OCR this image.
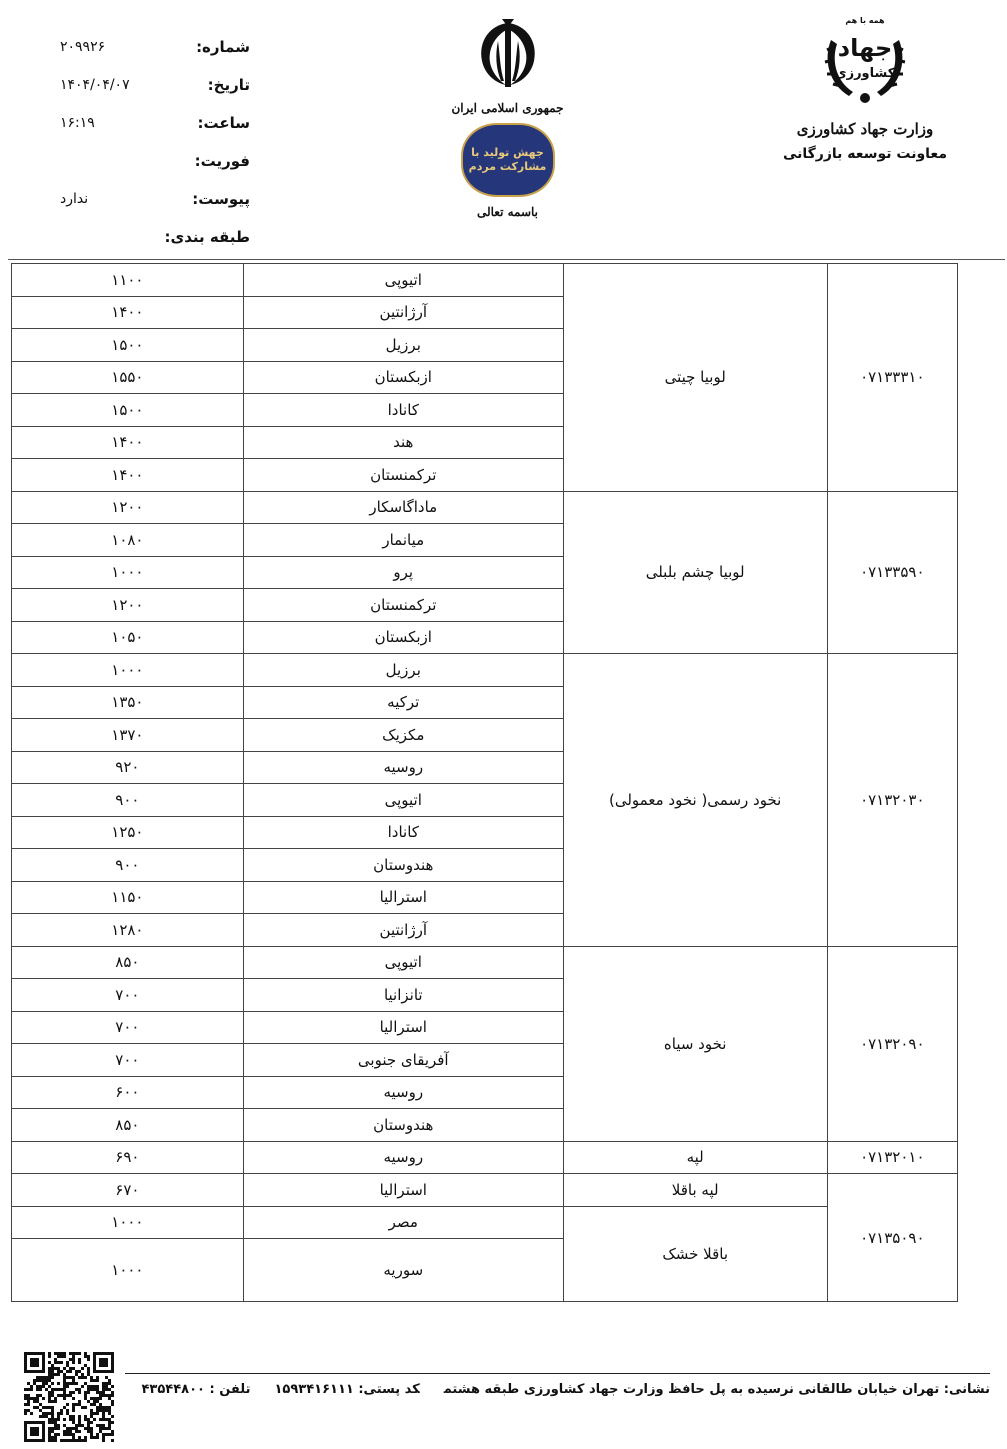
شماره:
۲۰۹۹۲۶
تاریخ:
۱۴۰۴/۰۴/۰۷
ساعت:
۱۶:۱۹
فوریت:
پیوست:
ندارد
طبقه بندی:
جمهوری اسلامی ایران
جهش تولید با مشارکت مردم
باسمه تعالی
همه با هم
جهاد
کشاورزی
وزارت جهاد کشاورزی
معاونت توسعه بازرگانی
۰۷۱۳۳۳۱۰	لوبیا چیتی	اتیوپی	۱۱۰۰
		آرژانتین	۱۴۰۰
		برزیل	۱۵۰۰
		ازبکستان	۱۵۵۰
		کانادا	۱۵۰۰
		هند	۱۴۰۰
		ترکمنستان	۱۴۰۰
۰۷۱۳۳۵۹۰	لوبیا چشم بلبلی	ماداگاسکار	۱۲۰۰
		میانمار	۱۰۸۰
		پرو	۱۰۰۰
		ترکمنستان	۱۲۰۰
		ازبکستان	۱۰۵۰
۰۷۱۳۲۰۳۰	نخود رسمی( نخود معمولی)	برزیل	۱۰۰۰
		ترکیه	۱۳۵۰
		مکزیک	۱۳۷۰
		روسیه	۹۲۰
		اتیوپی	۹۰۰
		کانادا	۱۲۵۰
		هندوستان	۹۰۰
		استرالیا	۱۱۵۰
		آرژانتین	۱۲۸۰
۰۷۱۳۲۰۹۰	نخود سیاه	اتیوپی	۸۵۰
		تانزانیا	۷۰۰
		استرالیا	۷۰۰
		آفریقای جنوبی	۷۰۰
		روسیه	۶۰۰
		هندوستان	۸۵۰
۰۷۱۳۲۰۱۰	لپه	روسیه	۶۹۰
۰۷۱۳۵۰۹۰	لپه باقلا	استرالیا	۶۷۰
	باقلا خشک	مصر	۱۰۰۰
		سوریه	۱۰۰۰
نشانی: تهران خیابان طالقانی نرسیده به پل حافظ وزارت جهاد کشاورزی طبقه هشتمکد پستی: ۱۵۹۳۴۱۶۱۱۱تلفن : ۴۳۵۴۴۸۰۰
